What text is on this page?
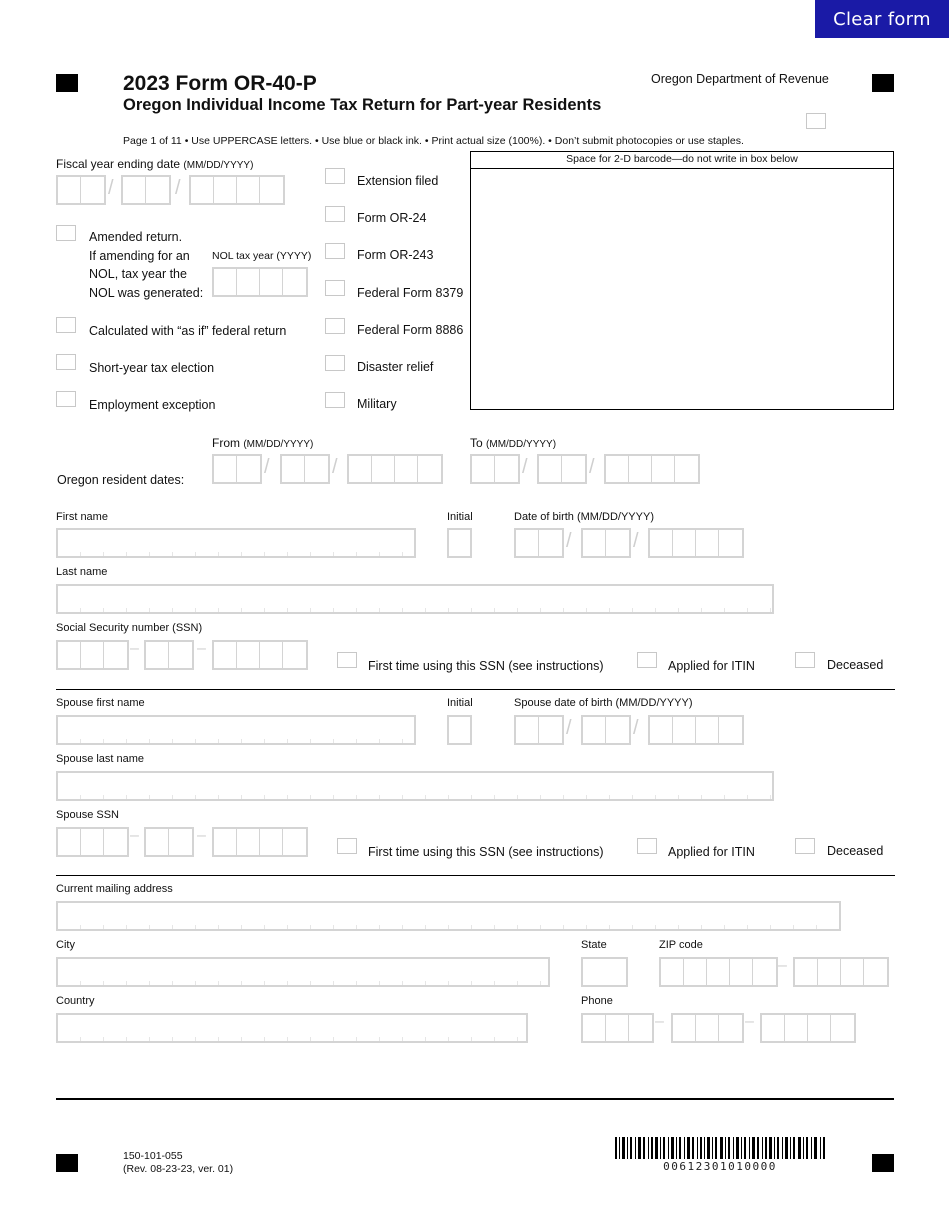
Clear form
2023 Form OR-40-P
Oregon Individual Income Tax Return for Part-year Residents
Oregon Department of Revenue
Page 1 of 11 • Use UPPERCASE letters. • Use blue or black ink. • Print actual size (100%). • Don’t submit photocopies or use staples.
Fiscal year ending date (MM/DD/YYYY)
/	/
Amended return.
If amending for an
NOL, tax year the
NOL was generated:
NOL tax year (YYYY)
Calculated with “as if” federal return
Short-year tax election
Employment exception
Extension filed
Form OR-24
Form OR-243
Federal Form 8379
Federal Form 8886
Disaster relief
Military
Space for 2-D barcode—do not write in box below
From (MM/DD/YYYY)	To (MM/DD/YYYY)
Oregon resident dates:
/	/	/	/
First name	Initial	Date of birth (MM/DD/YYYY)
/	/
Last name
Social Security number (SSN)
–	–
First time using this SSN (see instructions)	Applied for ITIN	Deceased
Spouse first name	Initial	Spouse date of birth (MM/DD/YYYY)
/	/
Spouse last name
Spouse SSN
–	–
First time using this SSN (see instructions)	Applied for ITIN	Deceased
Current mailing address
City	State	ZIP code
–
Country	Phone
–	–
150-101-055
(Rev. 08-23-23, ver. 01)	00612301010000
